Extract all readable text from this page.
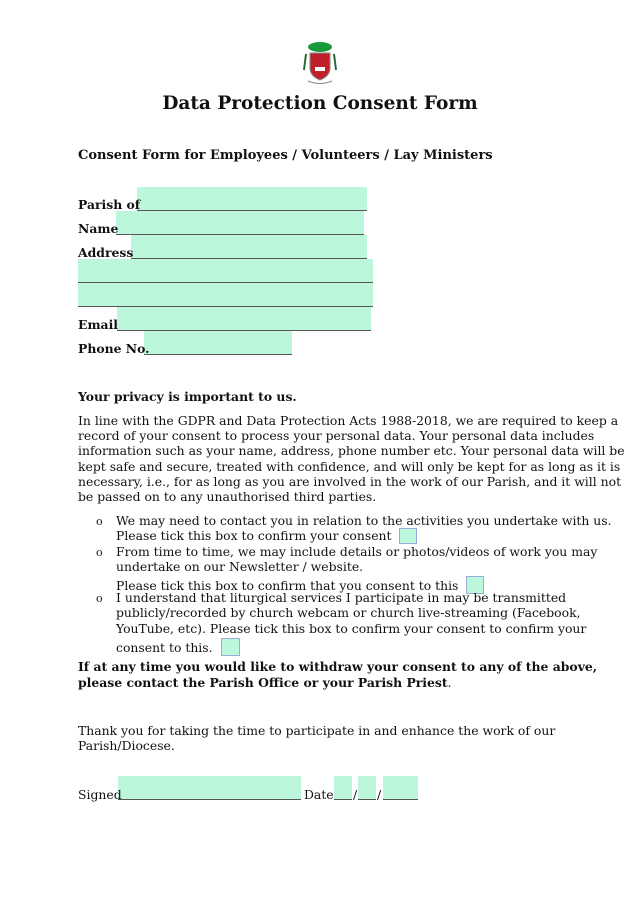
Data Protection Consent Form
Consent Form for Employees / Volunteers / Lay Ministers
Parish of
Name
Address
Email
Phone No.
Your privacy is important to us.
In line with the GDPR and Data Protection Acts 1988-2018, we are required to keep a
record of your consent to process your personal data. Your personal data includes
information such as your name, address, phone number etc. Your personal data will be
kept safe and secure, treated with confidence, and will only be kept for as long as it is
necessary, i.e., for as long as you are involved in the work of our Parish, and it will not
be passed on to any unauthorised third parties.
o We may need to contact you in relation to the activities you undertake with us.
Please tick this box to confirm your consent
o From time to time, we may include details or photos/videos of work you may
undertake on our Newsletter / website.
Please tick this box to confirm that you consent to this
o I understand that liturgical services I participate in may be transmitted
publicly/recorded by church webcam or church live-streaming (Facebook,
YouTube, etc). Please tick this box to confirm your consent to confirm your
consent to this.
If at any time you would like to withdraw your consent to any of the above,
please contact the Parish Office or your Parish Priest.
Thank you for taking the time to participate in and enhance the work of our
Parish/Diocese.
Signed	Date / /
